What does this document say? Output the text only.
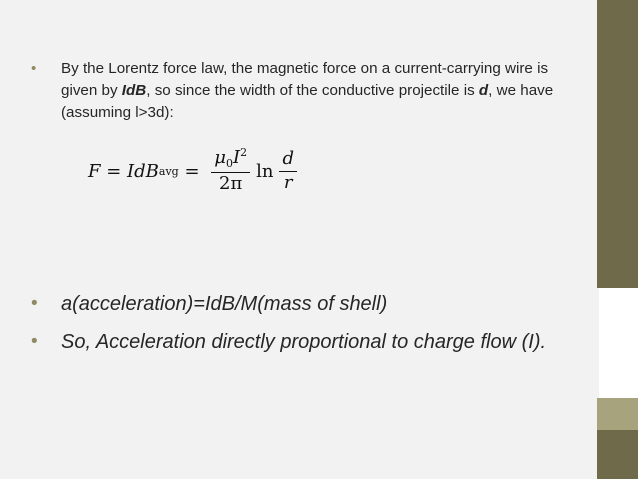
• By the Lorentz force law, the magnetic force on a current-carrying wire is given by IdB, so since the width of the conductive projectile is d, we have (assuming l>3d):
F = IdB avg = $\frac{\mu_0I^2}{2\pi}$ $\ln \frac{d}{r}$
• a(acceleration)=IdB/M(mass of shell)
• So, Acceleration directly proportional to charge flow (I).
